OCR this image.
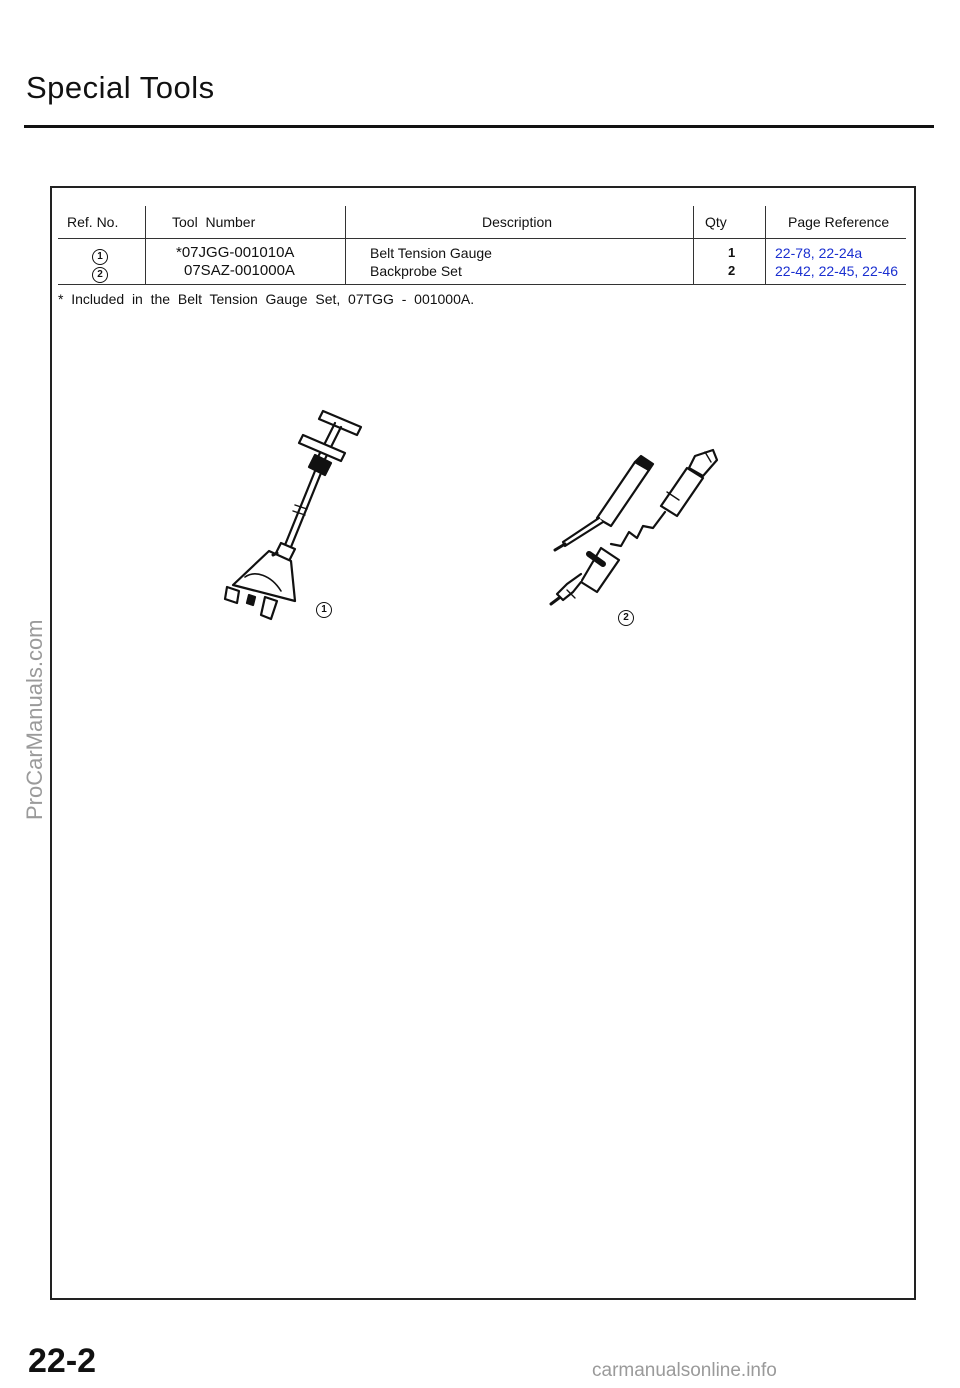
Special Tools
Ref. No.	Tool  Number	Description	Qty	Page Reference
1	*07JGG-001010A	Belt Tension Gauge	1	22-78, 22-24a
2	07SAZ-001000A	Backprobe Set	2	22-42, 22-45, 22-46
*  Included  in  the  Belt  Tension  Gauge  Set,  07TGG  -  001000A.
1
2
22-2
ProCarManuals.com
carmanualsonline.info
